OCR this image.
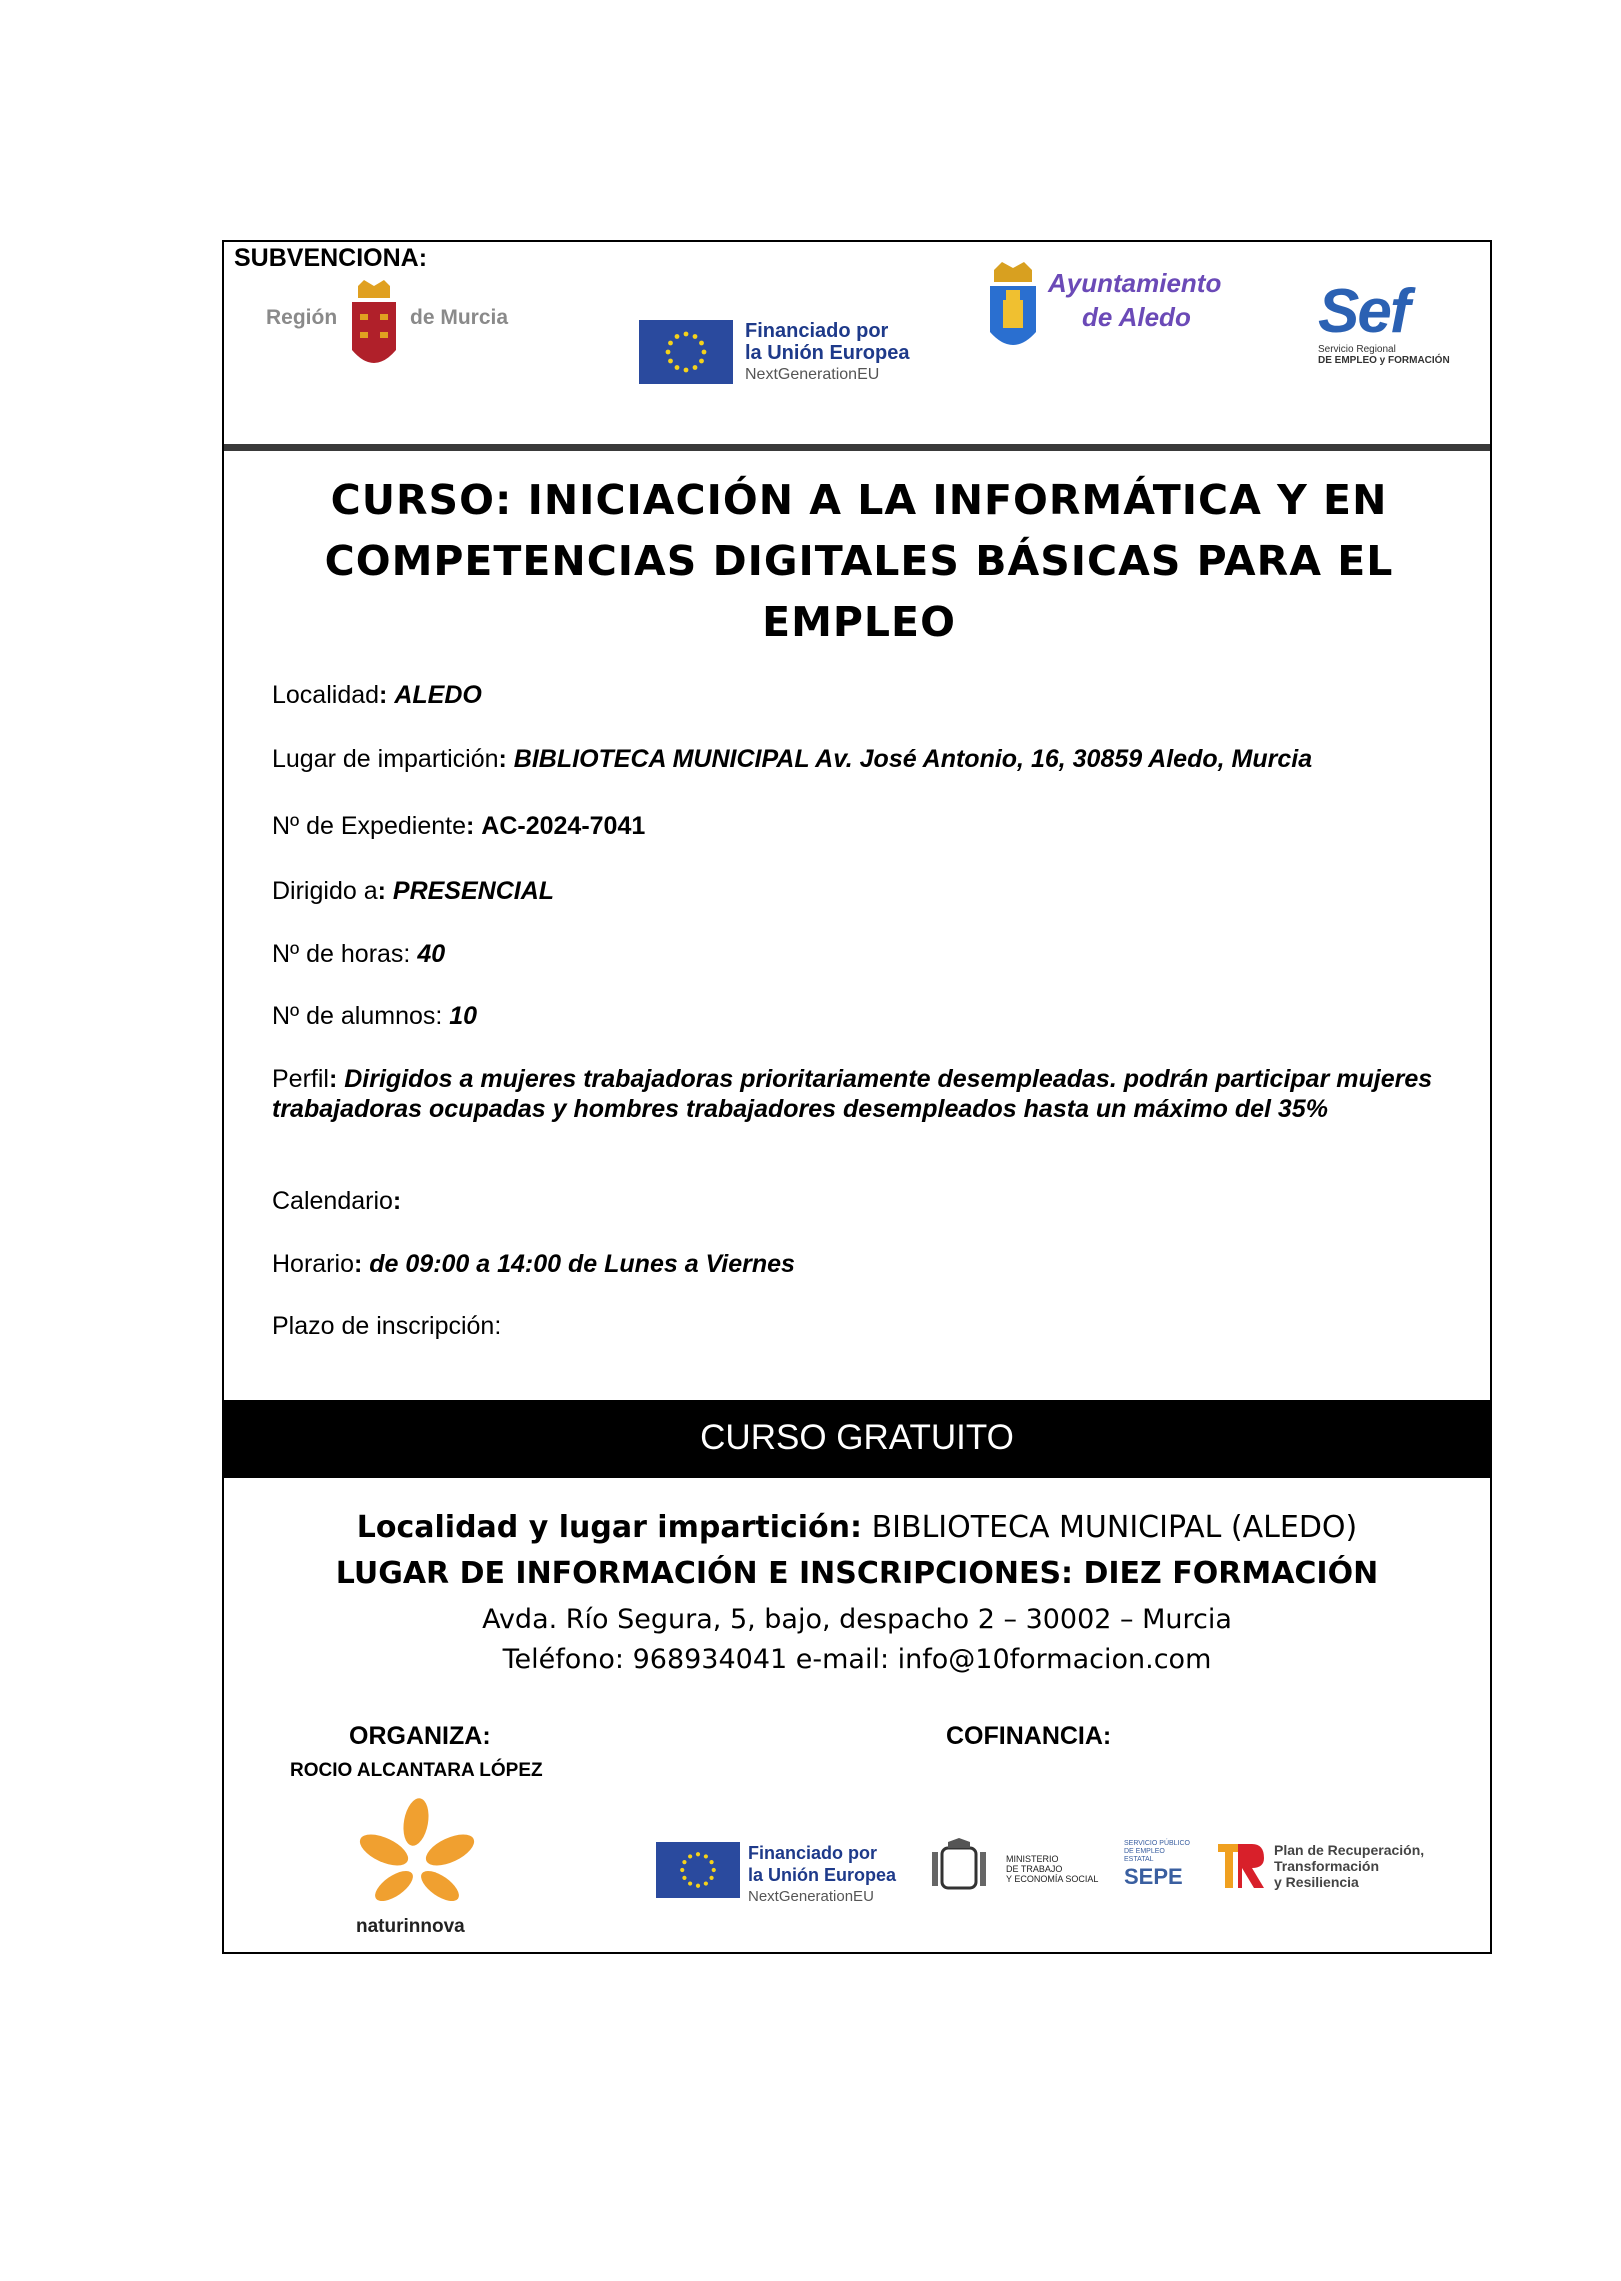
SUBVENCIONA:
Región	de Murcia
Financiado por
la Unión Europea
NextGenerationEU
Ayuntamiento
de Aledo Sef
Servicio Regional
DE EMPLEO y FORMACIÓN
CURSO: INICIACIÓN A LA INFORMÁTICA Y EN
COMPETENCIAS DIGITALES BÁSICAS PARA EL
EMPLEO
Localidad: ALEDO
Lugar de impartición: BIBLIOTECA MUNICIPAL Av. José Antonio, 16, 30859 Aledo, Murcia
Nº de Expediente: AC-2024-7041
Dirigido a: PRESENCIAL
Nº de horas: 40
Nº de alumnos: 10
Perfil: Dirigidos a mujeres trabajadoras prioritariamente desempleadas. podrán participar mujeres trabajadoras ocupadas y hombres trabajadores desempleados hasta un máximo del 35%
Calendario:
Horario: de 09:00 a 14:00 de Lunes a Viernes
Plazo de inscripción:
CURSO GRATUITO
Localidad y lugar impartición: BIBLIOTECA MUNICIPAL (ALEDO)
LUGAR DE INFORMACIÓN E INSCRIPCIONES: DIEZ FORMACIÓN
Avda. Río Segura, 5, bajo, despacho 2 – 30002 – Murcia
Teléfono: 968934041 e-mail: info@10formacion.com
ORGANIZA:
ROCIO ALCANTARA LÓPEZ
COFINANCIA:
naturinnova
Financiado por
la Unión Europea
NextGenerationEU
MINISTERIO
DE TRABAJO
Y ECONOMÍA SOCIAL
SERVICIO PÚBLICO
DE EMPLEO ESTATAL
SEPE
Plan de Recuperación,
Transformación
y Resiliencia
